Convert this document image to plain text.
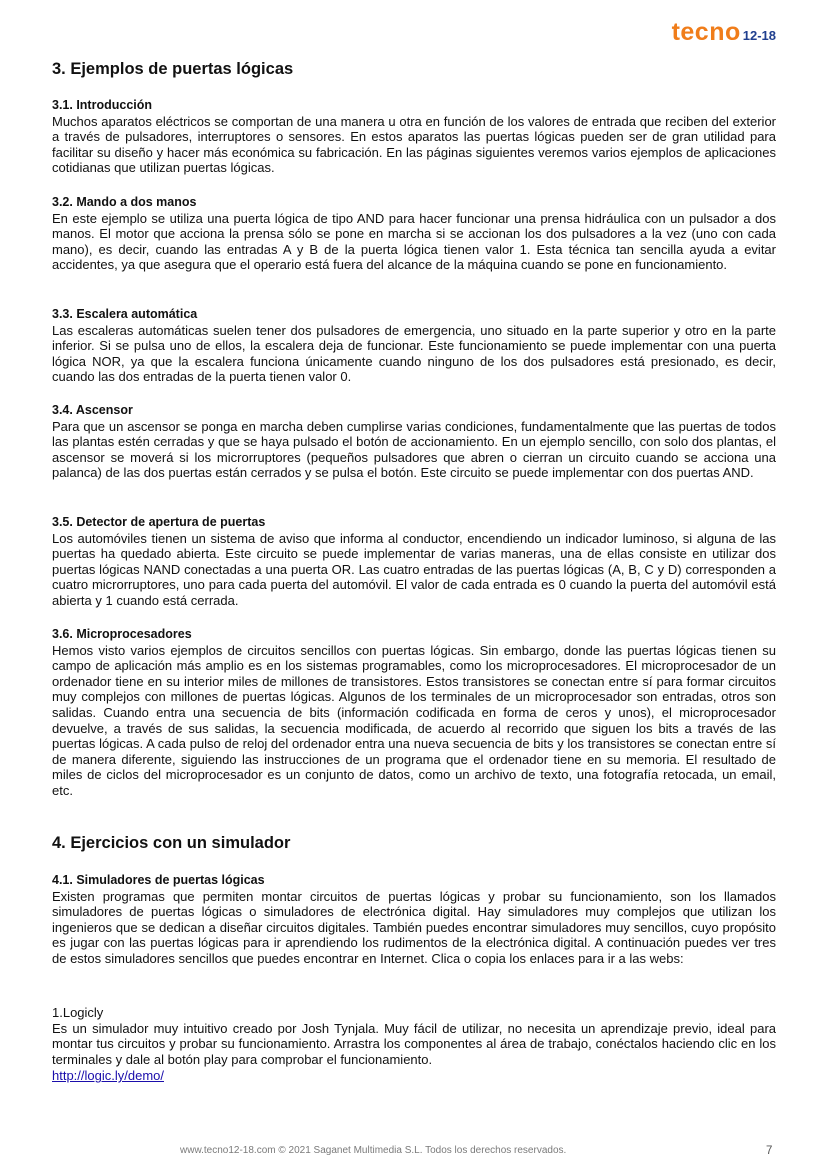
tecno 12-18
3. Ejemplos de puertas lógicas
3.1. Introducción

Muchos aparatos eléctricos se comportan de una manera u otra en función de los valores de entrada que reciben del exterior a través de pulsadores, interruptores o sensores. En estos aparatos las puertas lógicas pueden ser de gran utilidad para facilitar su diseño y hacer más económica su fabricación. En las páginas siguientes veremos varios ejemplos de aplicaciones cotidianas que utilizan puertas lógicas.

3.2. Mando a dos manos

En este ejemplo se utiliza una puerta lógica de tipo AND para hacer funcionar una prensa hidráulica con un pulsador a dos manos. El motor que acciona la prensa sólo se pone en marcha si se accionan los dos pulsadores a la vez (uno con cada mano), es decir, cuando las entradas A y B de la puerta lógica tienen valor 1. Esta técnica tan sencilla ayuda a evitar accidentes, ya que asegura que el operario está fuera del alcance de la máquina cuando se pone en funcionamiento.

3.3. Escalera automática

Las escaleras automáticas suelen tener dos pulsadores de emergencia, uno situado en la parte superior y otro en la parte inferior. Si se pulsa uno de ellos, la escalera deja de funcionar. Este funcionamiento se puede implementar con una puerta lógica NOR, ya que la escalera funciona únicamente cuando ninguno de los dos pulsadores está presionado, es decir, cuando las dos entradas de la puerta tienen valor 0.

3.4. Ascensor

Para que un ascensor se ponga en marcha deben cumplirse varias condiciones, fundamentalmente que las puertas de todos las plantas estén cerradas y que se haya pulsado el botón de accionamiento. En un ejemplo sencillo, con solo dos plantas, el ascensor se moverá si los microrruptores (pequeños pulsadores que abren o cierran un circuito cuando se acciona una palanca) de las dos puertas están cerrados y se pulsa el botón. Este circuito se puede implementar con dos puertas AND.

3.5. Detector de apertura de puertas

Los automóviles tienen un sistema de aviso que informa al conductor, encendiendo un indicador luminoso, si alguna de las puertas ha quedado abierta. Este circuito se puede implementar de varias maneras, una de ellas consiste en utilizar dos puertas lógicas NAND conectadas a una puerta OR. Las cuatro entradas de las puertas lógicas (A, B, C y D) corresponden a cuatro microrruptores, uno para cada puerta del automóvil. El valor de cada entrada es 0 cuando la puerta del automóvil está abierta y 1 cuando está cerrada.

3.6. Microprocesadores

Hemos visto varios ejemplos de circuitos sencillos con puertas lógicas. Sin embargo, donde las puertas lógicas tienen su campo de aplicación más amplio es en los sistemas programables, como los microprocesadores. El microprocesador de un ordenador tiene en su interior miles de millones de transistores. Estos transistores se conectan entre sí para formar circuitos muy complejos con millones de puertas lógicas. Algunos de los terminales de un microprocesador son entradas, otros son salidas. Cuando entra una secuencia de bits (información codificada en forma de ceros y unos), el microprocesador devuelve, a través de sus salidas, la secuencia modificada, de acuerdo al recorrido que siguen los bits a través de las puertas lógicas. A cada pulso de reloj del ordenador entra una nueva secuencia de bits y los transistores se conectan entre sí de manera diferente, siguiendo las instrucciones de un programa que el ordenador tiene en su memoria. El resultado de miles de ciclos del microprocesador es un conjunto de datos, como un archivo de texto, una fotografía retocada, un email, etc.

4. Ejercicios con un simulador
4.1. Simuladores de puertas lógicas

Existen programas que permiten montar circuitos de puertas lógicas y probar su funcionamiento, son los llamados simuladores de puertas lógicas o simuladores de electrónica digital. Hay simuladores muy complejos que utilizan los ingenieros que se dedican a diseñar circuitos digitales. También puedes encontrar simuladores muy sencillos, cuyo propósito es jugar con las puertas lógicas para ir aprendiendo los rudimentos de la electrónica digital. A continuación puedes ver tres de estos simuladores sencillos que puedes encontrar en Internet. Clica o copia los enlaces para ir a las webs:

1.Logicly

Es un simulador muy intuitivo creado por Josh Tynjala. Muy fácil de utilizar, no necesita un aprendizaje previo, ideal para montar tus circuitos y probar su funcionamiento. Arrastra los componentes al área de trabajo, conéctalos haciendo clic en los terminales y dale al botón play para comprobar el funcionamiento.

http://logic.ly/demo/
www.tecno12-18.com © 2021 Saganet Multimedia S.L. Todos los derechos reservados.	7
